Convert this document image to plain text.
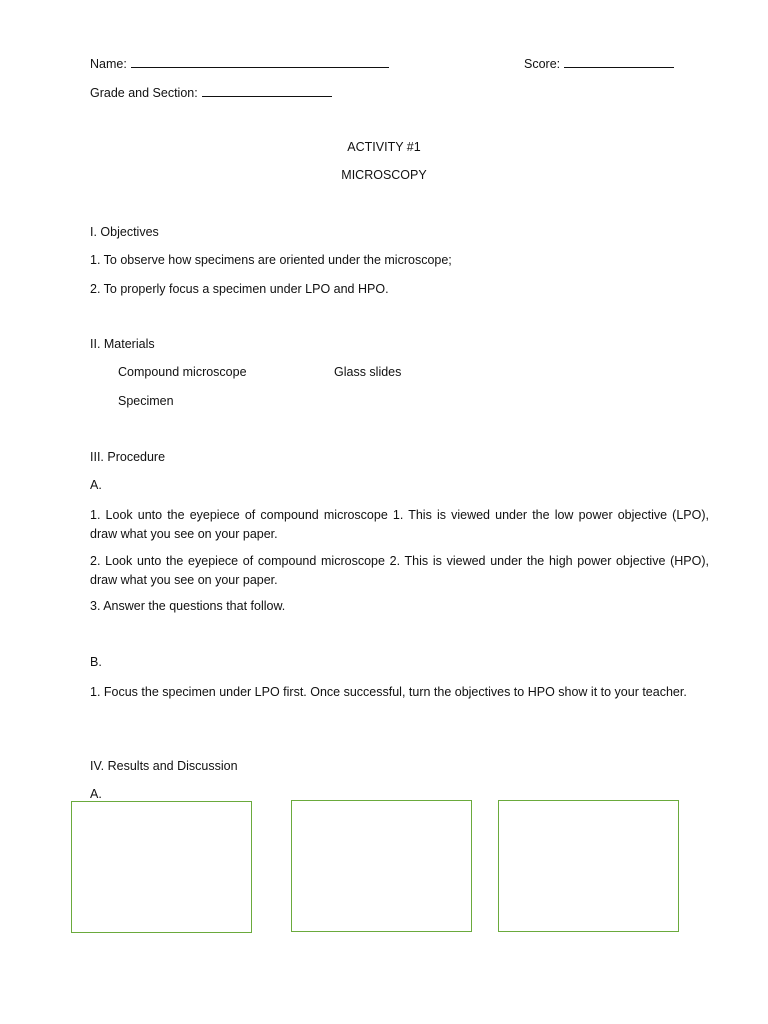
Name:	Score:
Grade and Section:
ACTIVITY #1
MICROSCOPY
I. Objectives
1. To observe how specimens are oriented under the microscope;
2. To properly focus a specimen under LPO and HPO.
II. Materials
Compound microscope	Glass slides
Specimen
III. Procedure
A.
1. Look unto the eyepiece of compound microscope 1. This is viewed under the low power objective (LPO), draw what you see on your paper.
2. Look unto the eyepiece of compound microscope 2. This is viewed under the high power objective (HPO), draw what you see on your paper.
3. Answer the questions that follow.
B.
1. Focus the specimen under LPO first. Once successful, turn the objectives to HPO show it to your teacher.
IV. Results and Discussion
A.
